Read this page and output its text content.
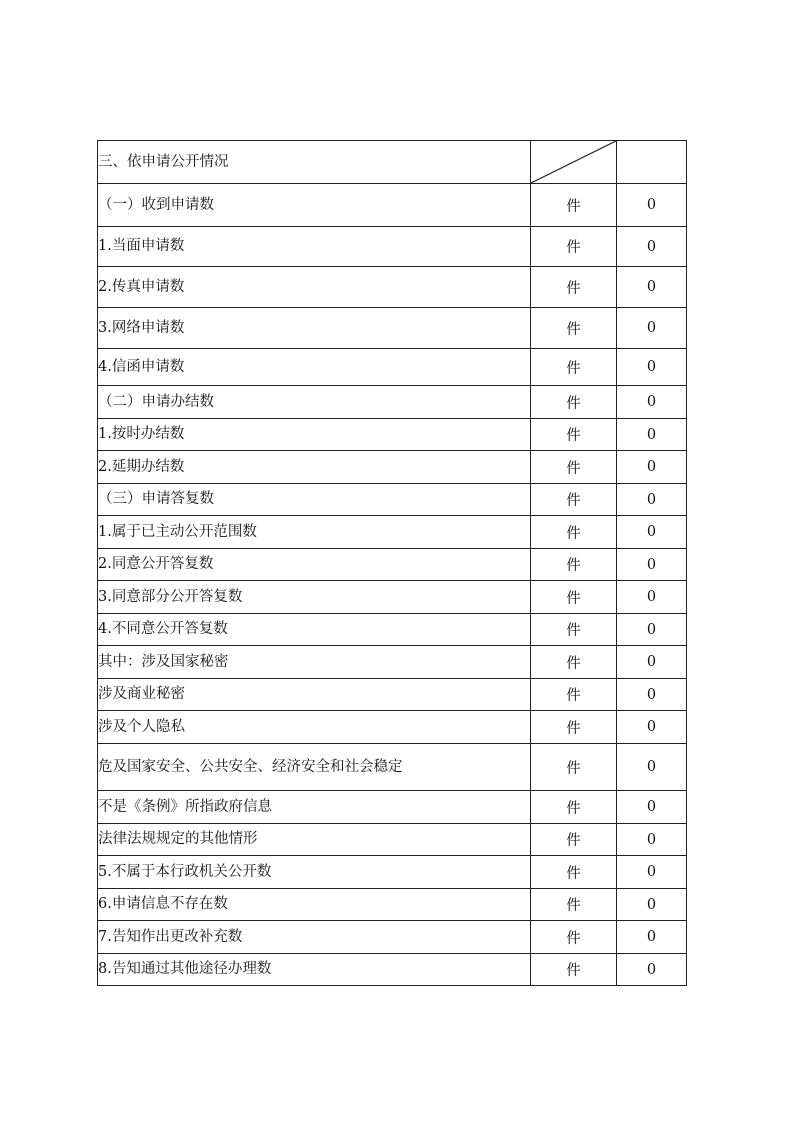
三、依申请公开情况	

（一）收到申请数	件	0
1.当面申请数	件	0
2.传真申请数	件	0
3.网络申请数	件	0
4.信函申请数	件	0
（二）申请办结数	件	0
1.按时办结数	件	0
2.延期办结数	件	0
（三）申请答复数	件	0
1.属于已主动公开范围数	件	0
2.同意公开答复数	件	0
3.同意部分公开答复数	件	0
4.不同意公开答复数	件	0
其中：涉及国家秘密	件	0
涉及商业秘密	件	0
涉及个人隐私	件	0
危及国家安全、公共安全、经济安全和社会稳定	件	0
不是《条例》所指政府信息	件	0
法律法规规定的其他情形	件	0
5.不属于本行政机关公开数	件	0
6.申请信息不存在数	件	0
7.告知作出更改补充数	件	0
8.告知通过其他途径办理数	件	0
